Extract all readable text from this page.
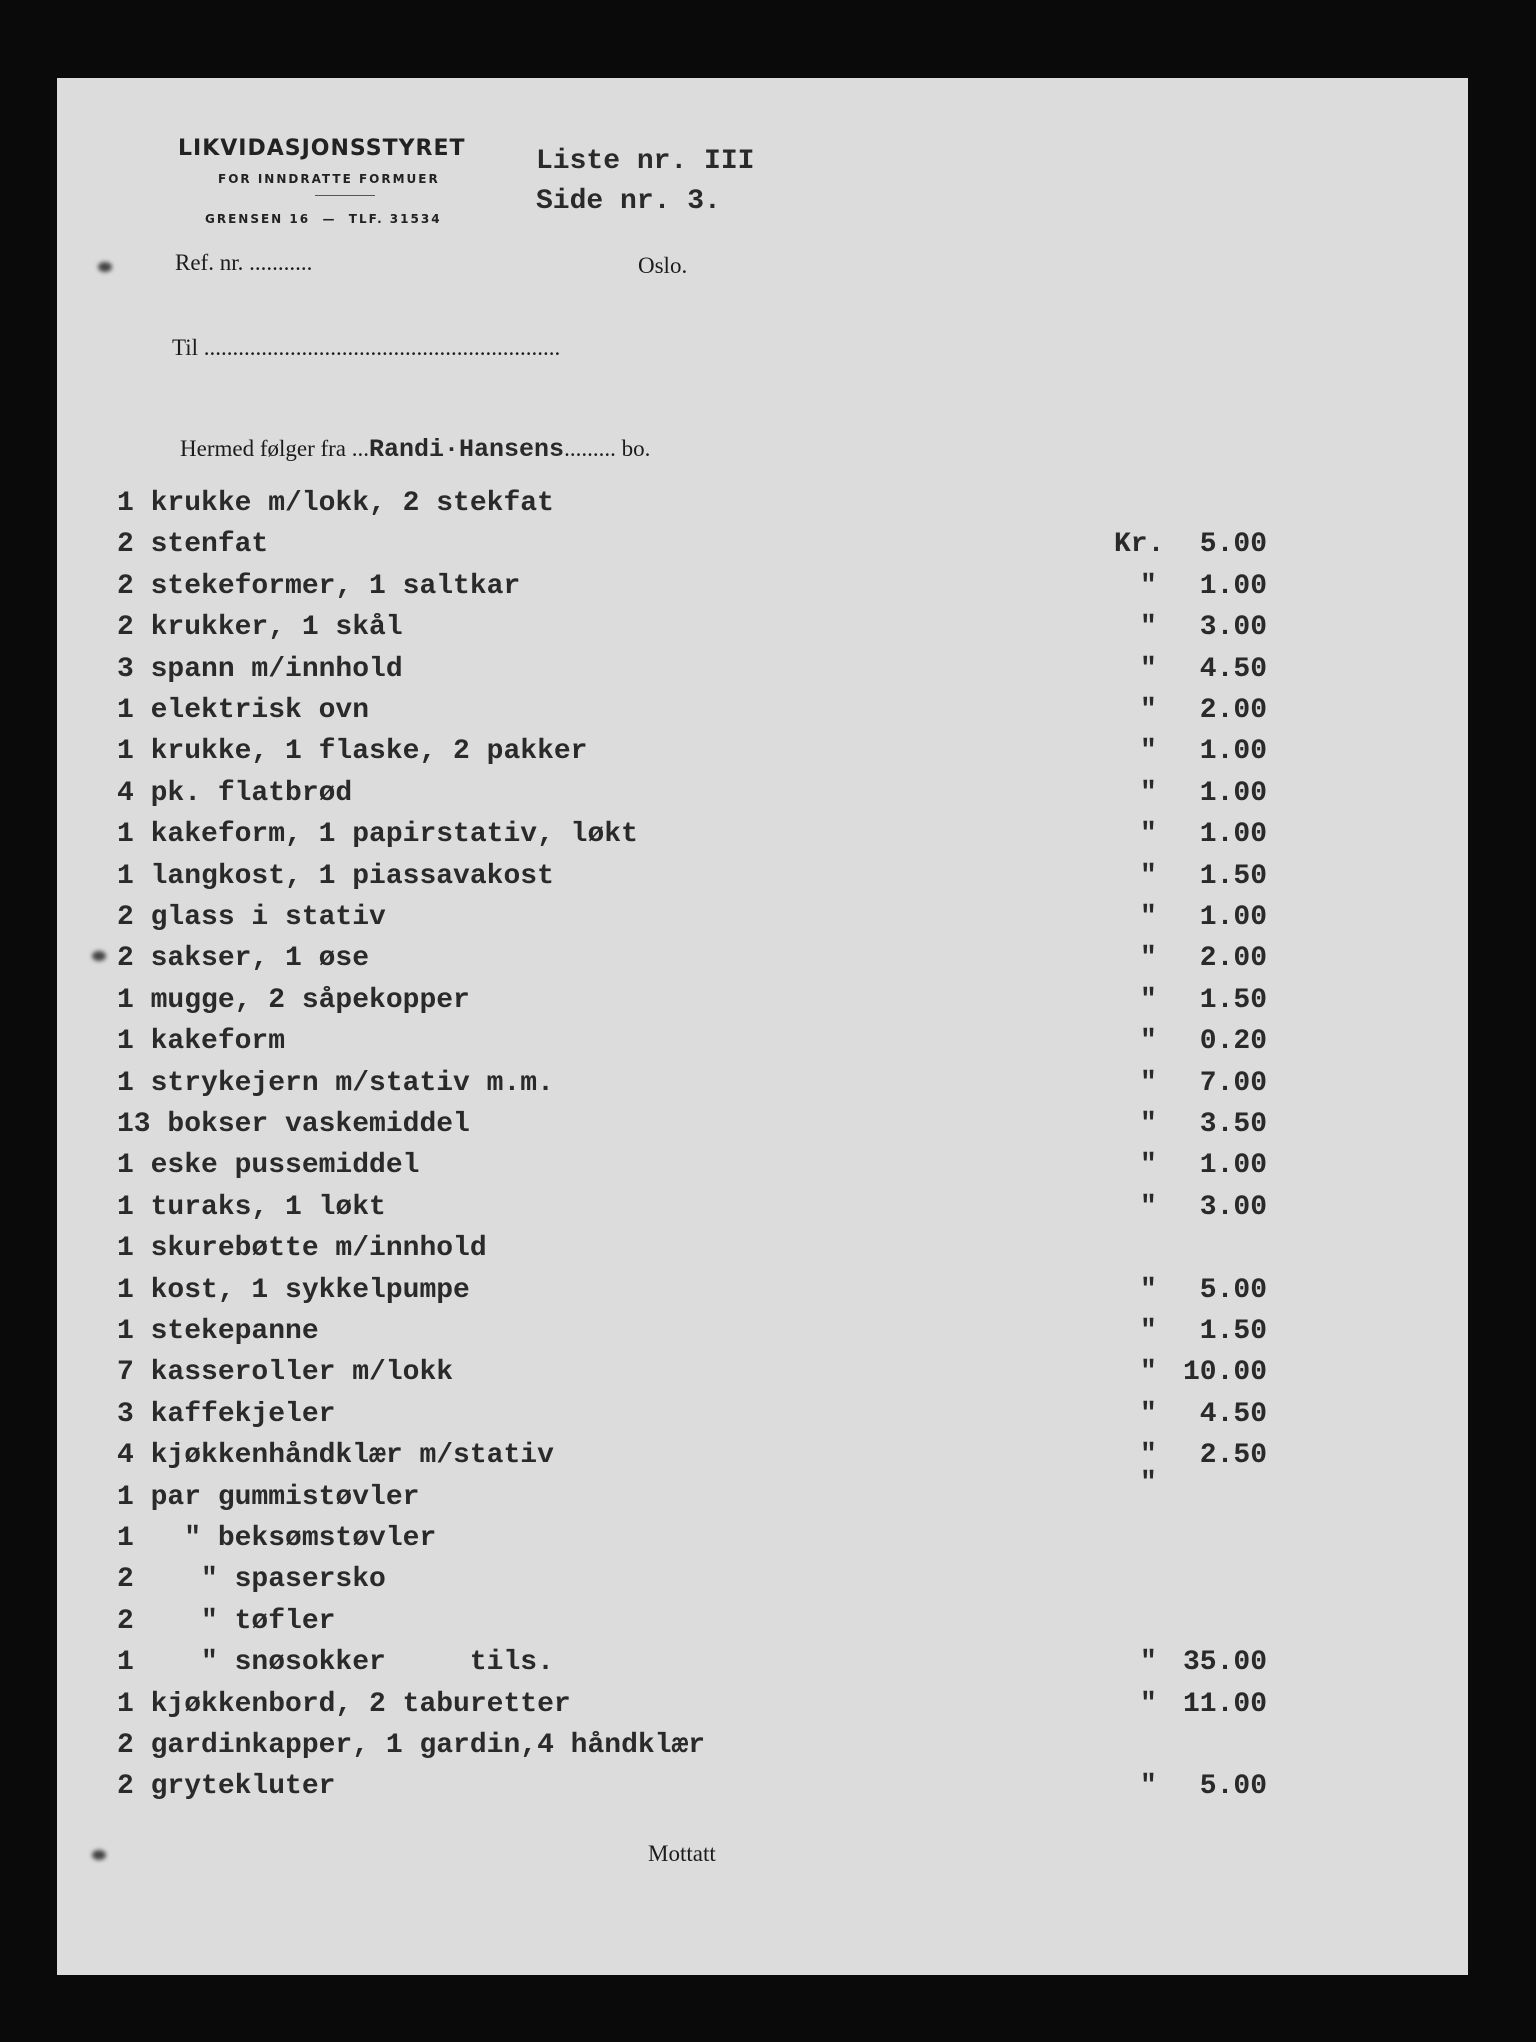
LIKVIDASJONSSTYRET
FOR INNDRATTE FORMUER
GRENSEN 16  —  TLF. 31534
Liste nr. III
Side nr. 3.
Ref. nr. ...........	Oslo.
Til ..............................................................

Hermed følger fra ...Randi·Hansens......... bo.

1 krukke m/lokk, 2 stekfat
2 stenfat	Kr. 5.00
2 stekeformer, 1 saltkar	" 1.00
2 krukker, 1 skål	" 3.00
3 spann m/innhold	" 4.50
1 elektrisk ovn	" 2.00
1 krukke, 1 flaske, 2 pakker	" 1.00
4 pk. flatbrød	" 1.00
1 kakeform, 1 papirstativ, løkt	" 1.00
1 langkost, 1 piassavakost	" 1.50
2 glass i stativ	" 1.00
2 sakser, 1 øse	" 2.00
1 mugge, 2 såpekopper	" 1.50
1 kakeform	" 0.20
1 strykejern m/stativ m.m.	" 7.00
13 bokser vaskemiddel	" 3.50
1 eske pussemiddel	" 1.00
1 turaks, 1 løkt	" 3.00
1 skurebøtte m/innhold
1 kost, 1 sykkelpumpe	" 5.00
1 stekepanne	" 1.50
7 kasseroller m/lokk	" 10.00
3 kaffekjeler	" 4.50
4 kjøkkenhåndklær m/stativ	" 2.50
1 par gummistøvler	"
1   " beksømstøvler
2    " spasersko
2    " tøfler
1    " snøsokker     tils.	" 35.00
1 kjøkkenbord, 2 taburetter	" 11.00
2 gardinkapper, 1 gardin,4 håndklær
2 grytekluter	" 5.00
Mottatt
